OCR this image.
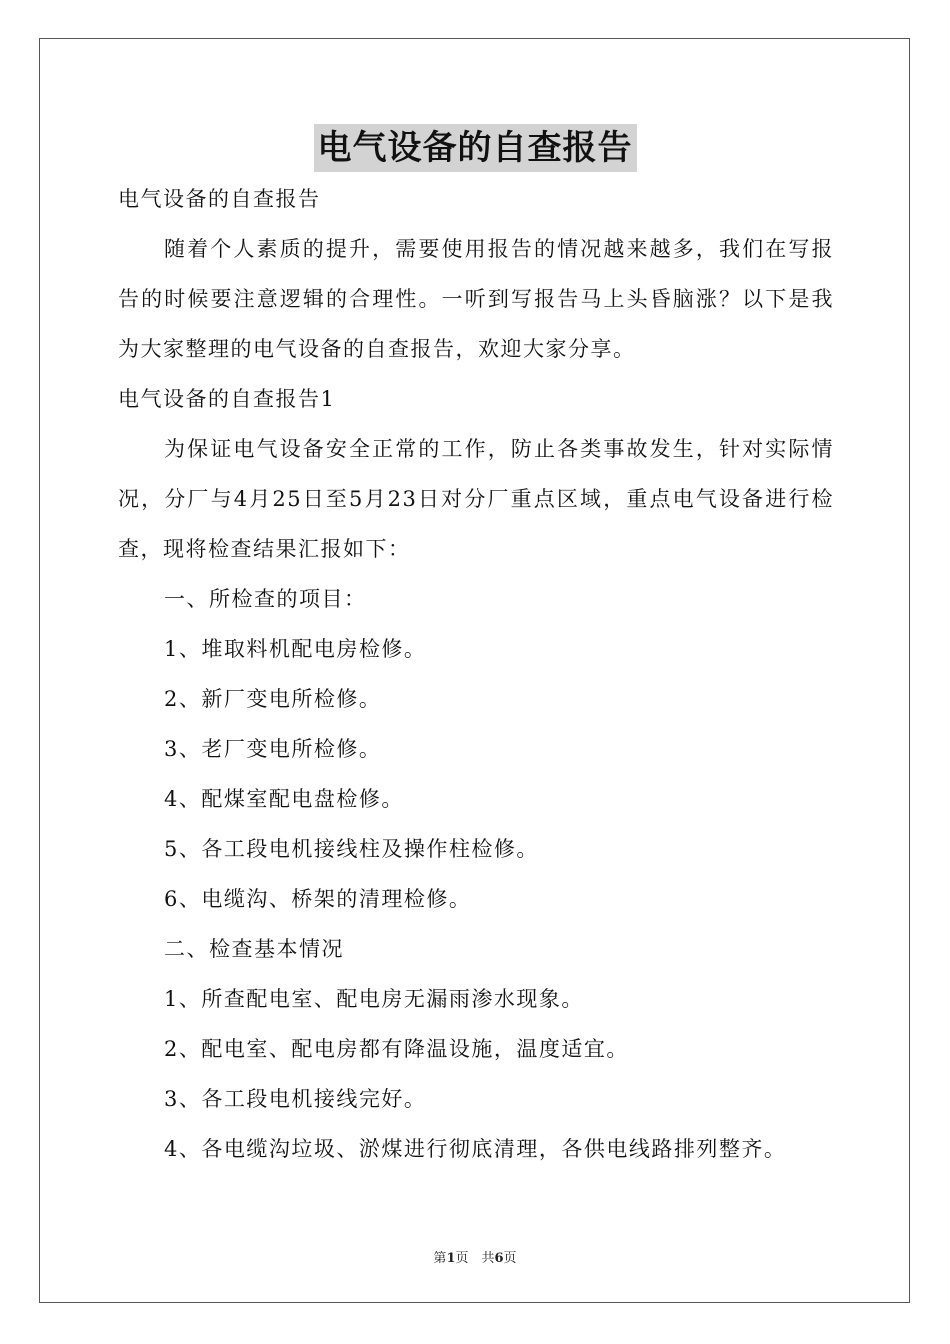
电气设备的自查报告
电气设备的自查报告
随着个人素质的提升，需要使用报告的情况越来越多，我们在写报告的时候要注意逻辑的合理性。一听到写报告马上头昏脑涨？以下是我为大家整理的电气设备的自查报告，欢迎大家分享。
电气设备的自查报告1
为保证电气设备安全正常的工作，防止各类事故发生，针对实际情况，分厂与4月25日至5月23日对分厂重点区域，重点电气设备进行检查，现将检查结果汇报如下：
一、所检查的项目：
1、堆取料机配电房检修。
2、新厂变电所检修。
3、老厂变电所检修。
4、配煤室配电盘检修。
5、各工段电机接线柱及操作柱检修。
6、电缆沟、桥架的清理检修。
二、检查基本情况
1、所查配电室、配电房无漏雨渗水现象。
2、配电室、配电房都有降温设施，温度适宜。
3、各工段电机接线完好。
4、各电缆沟垃圾、淤煤进行彻底清理，各供电线路排列整齐。
第1页　共6页
